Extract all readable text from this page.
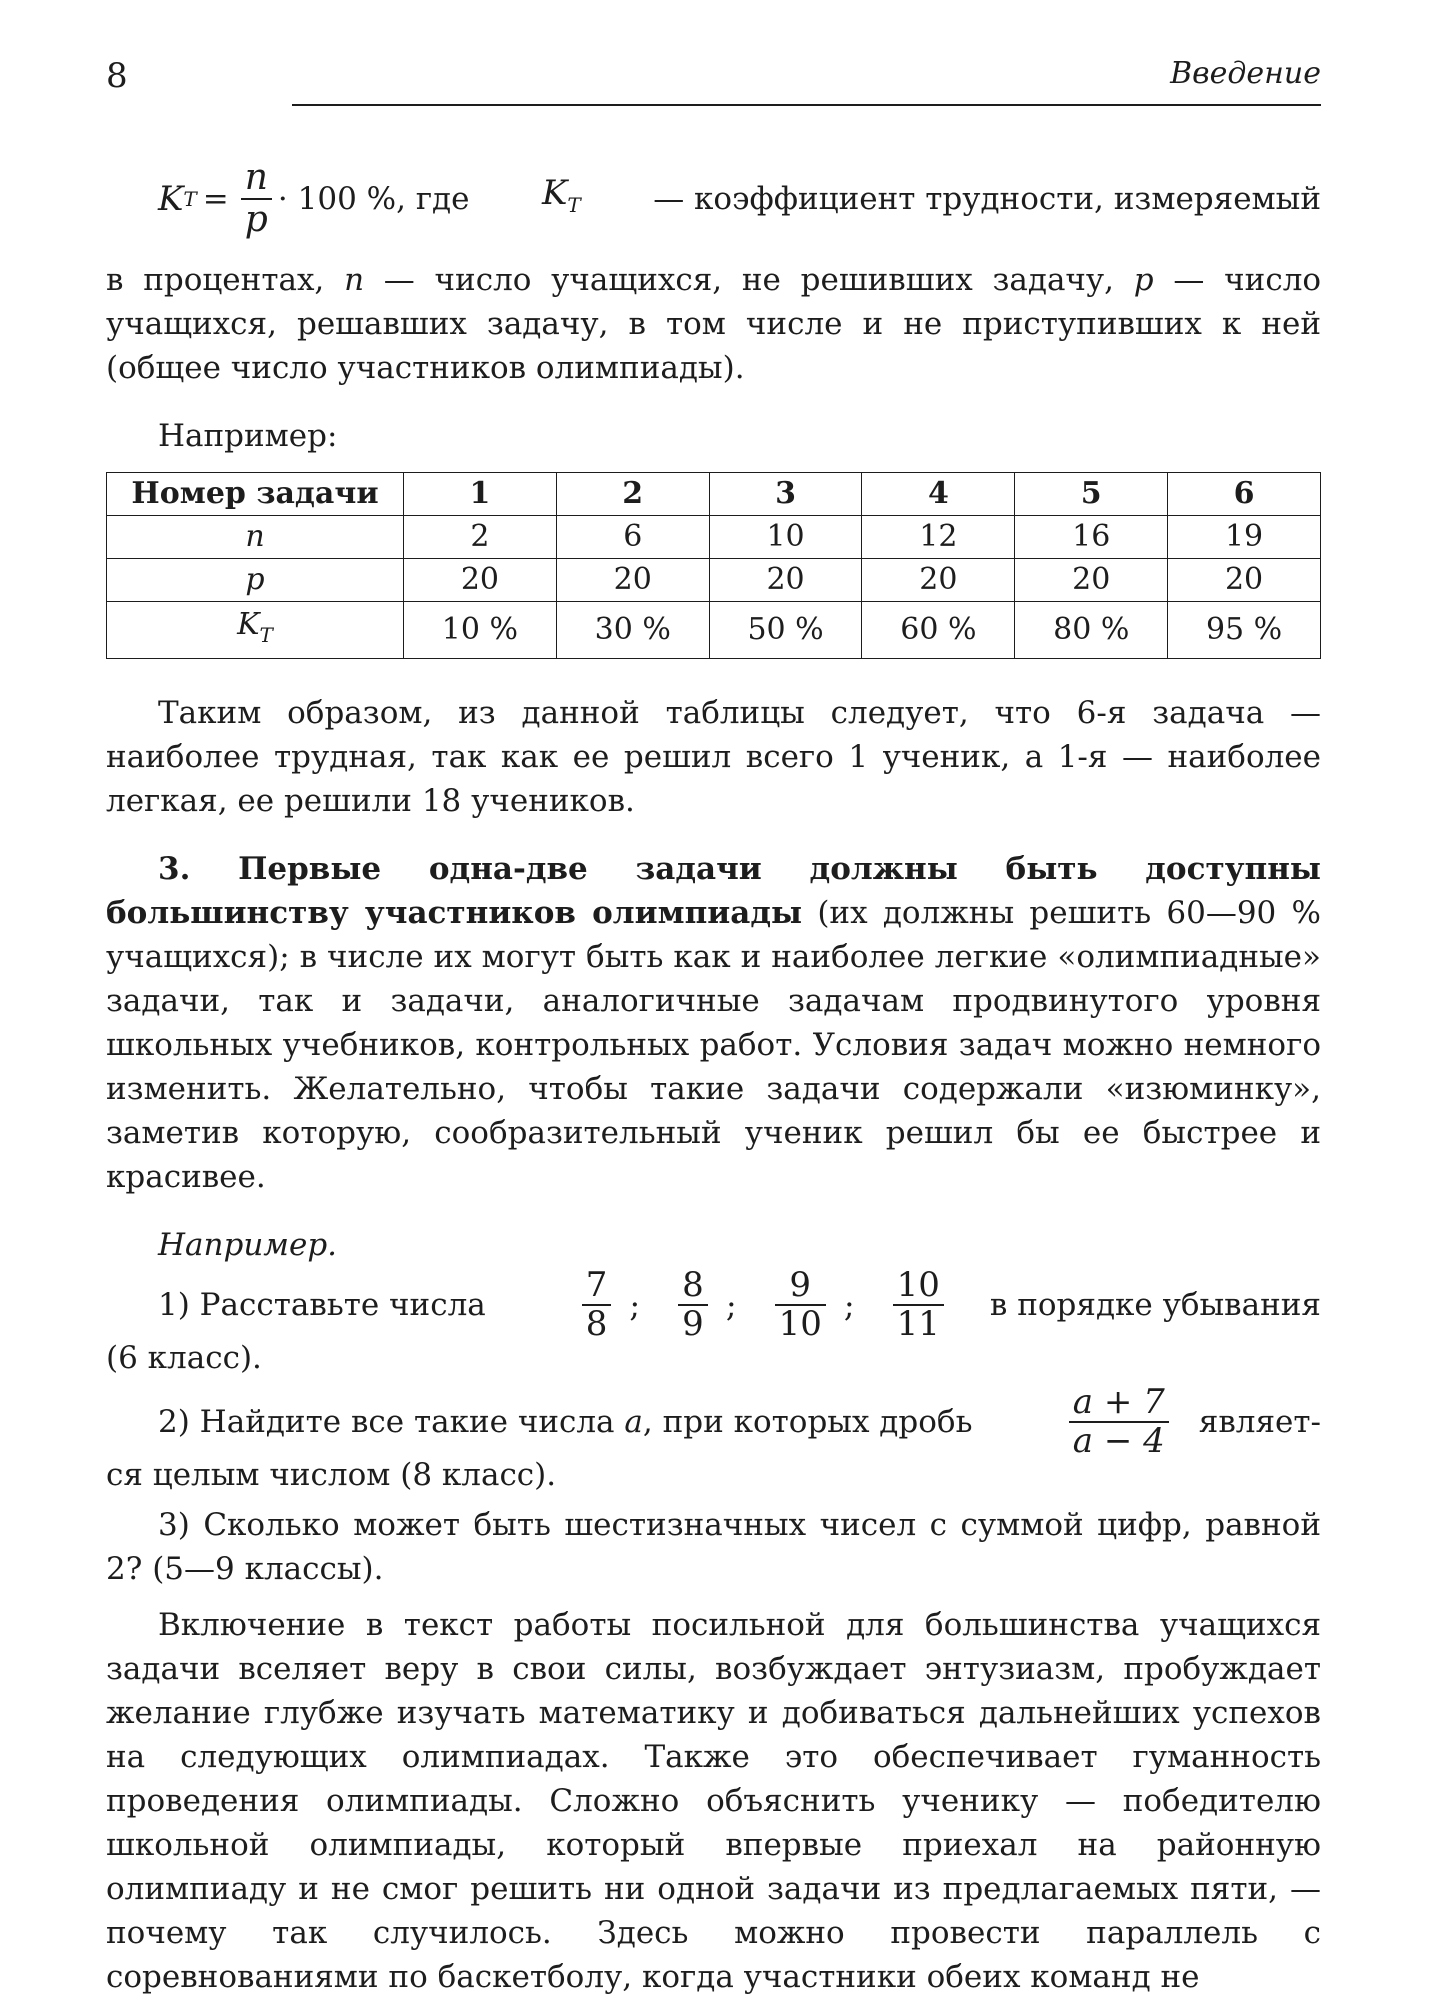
8	Введение
K $T = \frac{n}{p} \cdot 100$ %, где $K_T$ — коэффициент трудности, измеряемый

в процентах, n — число учащихся, не решивших задачу, p — число учащихся, решавших задачу, в том числе и не приступивших к ней (общее число участников олимпиады).

Например:

Номер задачи	1	2	3	4	5	6
n	2	6	10	12	16	19
p	20	20	20	20	20	20
$K_T$	10 %	30 %	50 %	60 %	80 %	95 %

Таким образом, из данной таблицы следует, что 6-я задача — наиболее трудная, так как ее решил всего 1 ученик, а 1-я — наиболее легкая, ее решили 18 учеников.

3. Первые одна-две задачи должны быть доступны большинству участников олимпиады (их должны решить 60—90 % учащихся); в числе их могут быть как и наиболее легкие «олимпиадные» задачи, так и задачи, аналогичные задачам продвинутого уровня школьных учебников, контрольных работ. Условия задач можно немного изменить. Желательно, чтобы такие задачи содержали «изюминку», заметив которую, сообразительный ученик решил бы ее быстрее и красивее.

Например.

1) Расставьте числа	$\frac{7}{8}$ ; $\frac{8}{9}$ ; $\frac{9}{10}$ ; $\frac{10}{11}$ в порядке убывания

(6 класс).

2) Найдите все такие числа a, при которых дробь	$\frac{a + 7}{a - 4}$ являет-

ся целым числом (8 класс).

3) Сколько может быть шестизначных чисел с суммой цифр, равной 2? (5—9 классы).

Включение в текст работы посильной для большинства учащихся задачи вселяет веру в свои силы, возбуждает энтузиазм, пробуждает желание глубже изучать математику и добиваться дальнейших успехов на следующих олимпиадах. Также это обеспечивает гуманность проведения олимпиады. Сложно объяснить ученику — победителю школьной олимпиады, который впервые приехал на районную олимпиаду и не смог решить ни одной задачи из предлагаемых пяти, — почему так случилось. Здесь можно провести параллель с соревнованиями по баскетболу, когда участники обеих команд не
